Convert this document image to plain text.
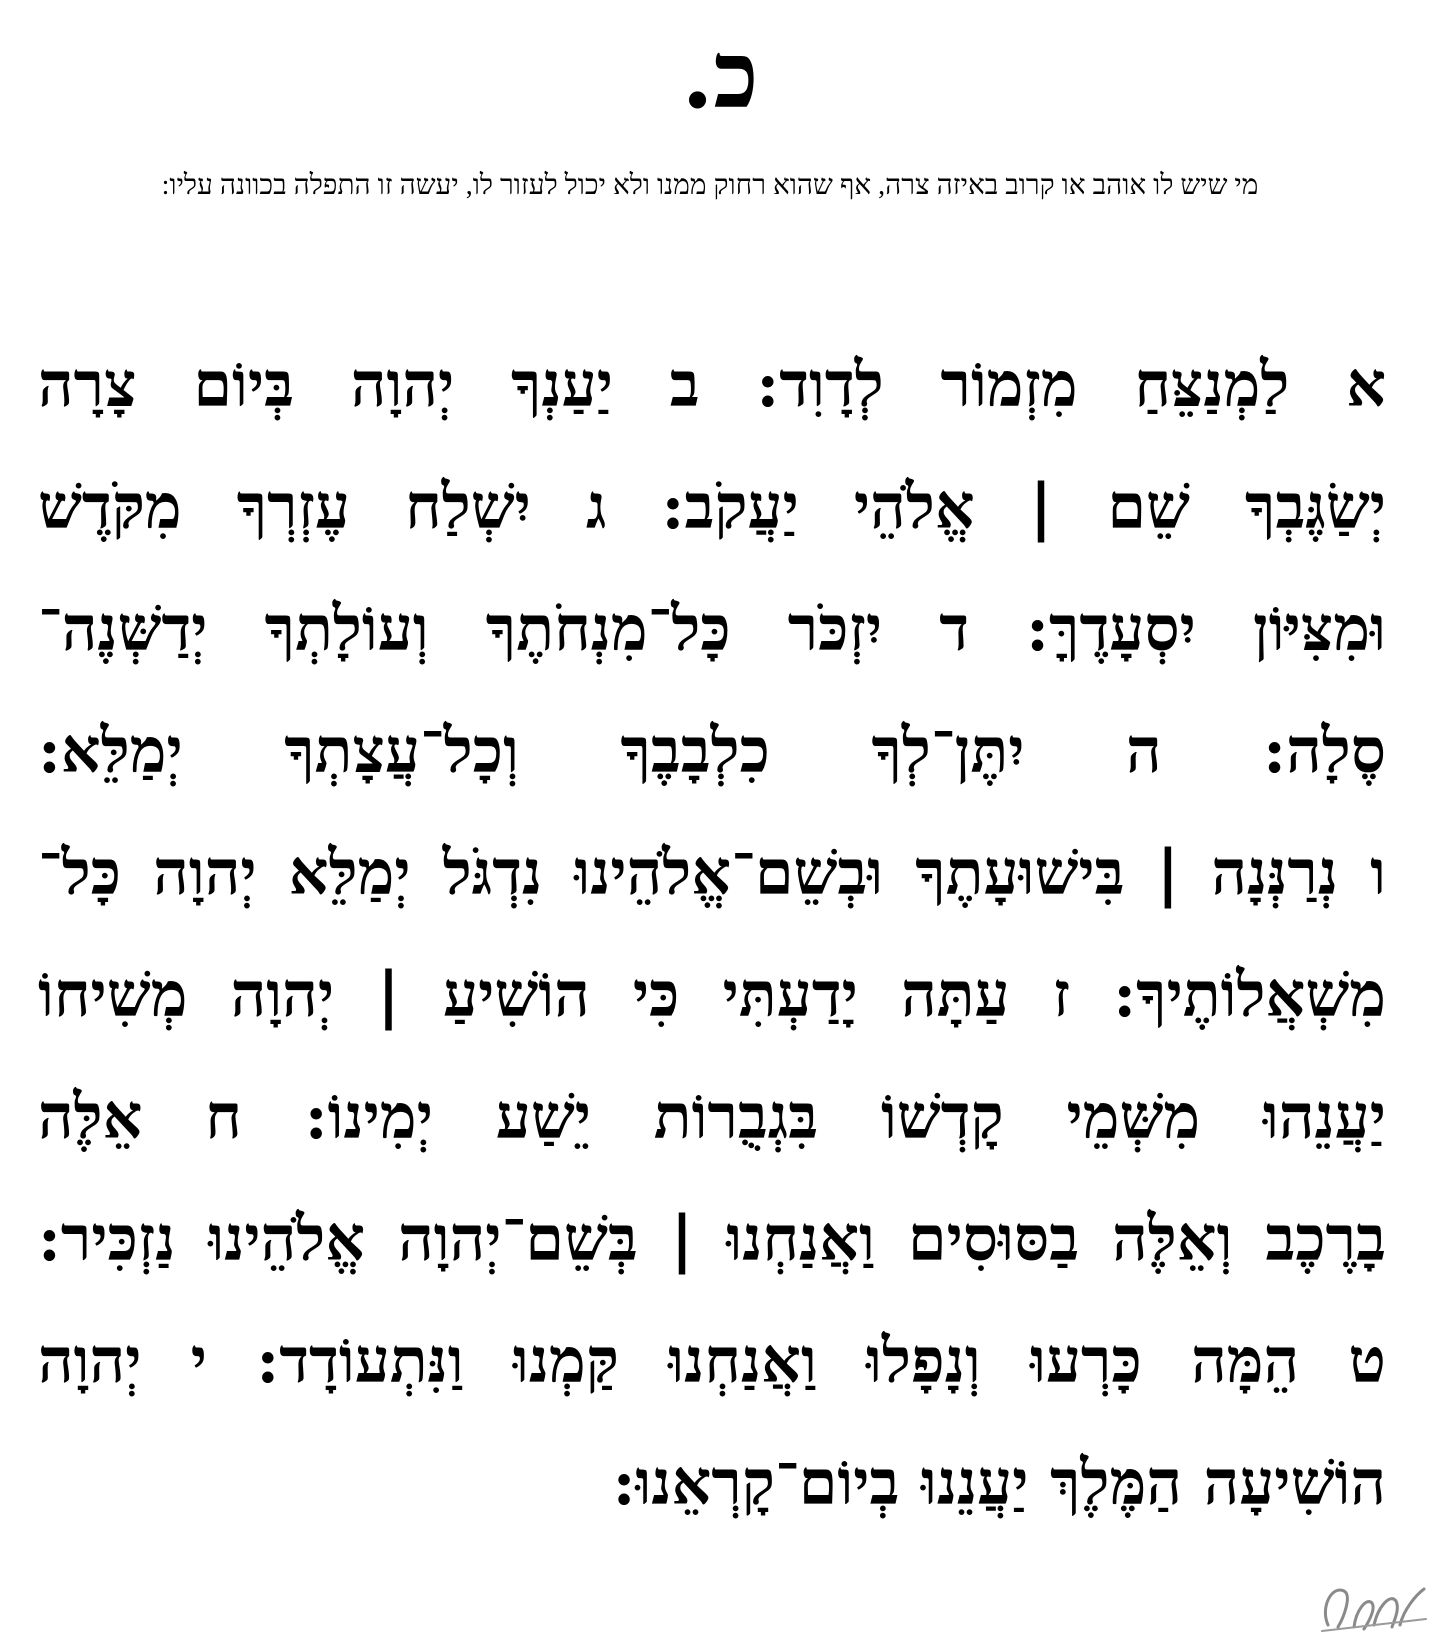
כ.
מי שיש לו אוהב או קרוב באיזה צרה, אף שהוא רחוק ממנו ולא יכול לעזור לו, יעשה זו התפלה בכוונה עליו:
א לַמְנַצֵּחַ מִזְמוֹר לְדָוִד: ב יַעַנְךָ יְהוָה בְּיוֹם צָרָה
יְשַׂגֶּבְךָ שֵׁם | אֱלֹהֵי יַעֲקֹב: ג יִשְׁלַח עֶזְרְךָ מִקֹּדֶשׁ
וּמִצִּיּוֹן יִסְעָדֶךָּ: ד יִזְכֹּר כָּל־מִנְחֹתֶךָ וְעוֹלָתְךָ יְדַשְּׁנֶה־
סֶלָה: ה יִתֶּן־לְךָ כִלְבָבֶךָ וְכָל־עֲצָתְךָ יְמַלֵּא:
ו נְרַנְּנָה | בִּישׁוּעָתֶךָ וּבְשֵׁם־אֱלֹהֵינוּ נִדְגֹּל יְמַלֵּא יְהוָה כָּל־
מִשְׁאֲלוֹתֶיךָ: ז עַתָּה יָדַעְתִּי כִּי הוֹשִׁיעַ | יְהוָה מְשִׁיחוֹ
יַעֲנֵהוּ מִשְּׁמֵי קָדְשׁוֹ בִּגְבֻרוֹת יֵשַׁע יְמִינוֹ: ח אֵלֶּה
בָרֶכֶב וְאֵלֶּה בַסּוּסִים וַאֲנַחְנוּ | בְּשֵׁם־יְהוָה אֱלֹהֵינוּ נַזְכִּיר:
ט הֵמָּה כָּרְעוּ וְנָפָלוּ וַאֲנַחְנוּ קַּמְנוּ וַנִּתְעוֹדָד: י יְהוָה
הוֹשִׁיעָה הַמֶּלֶךְ יַעֲנֵנוּ בְיוֹם־קָרְאֵנוּ:
